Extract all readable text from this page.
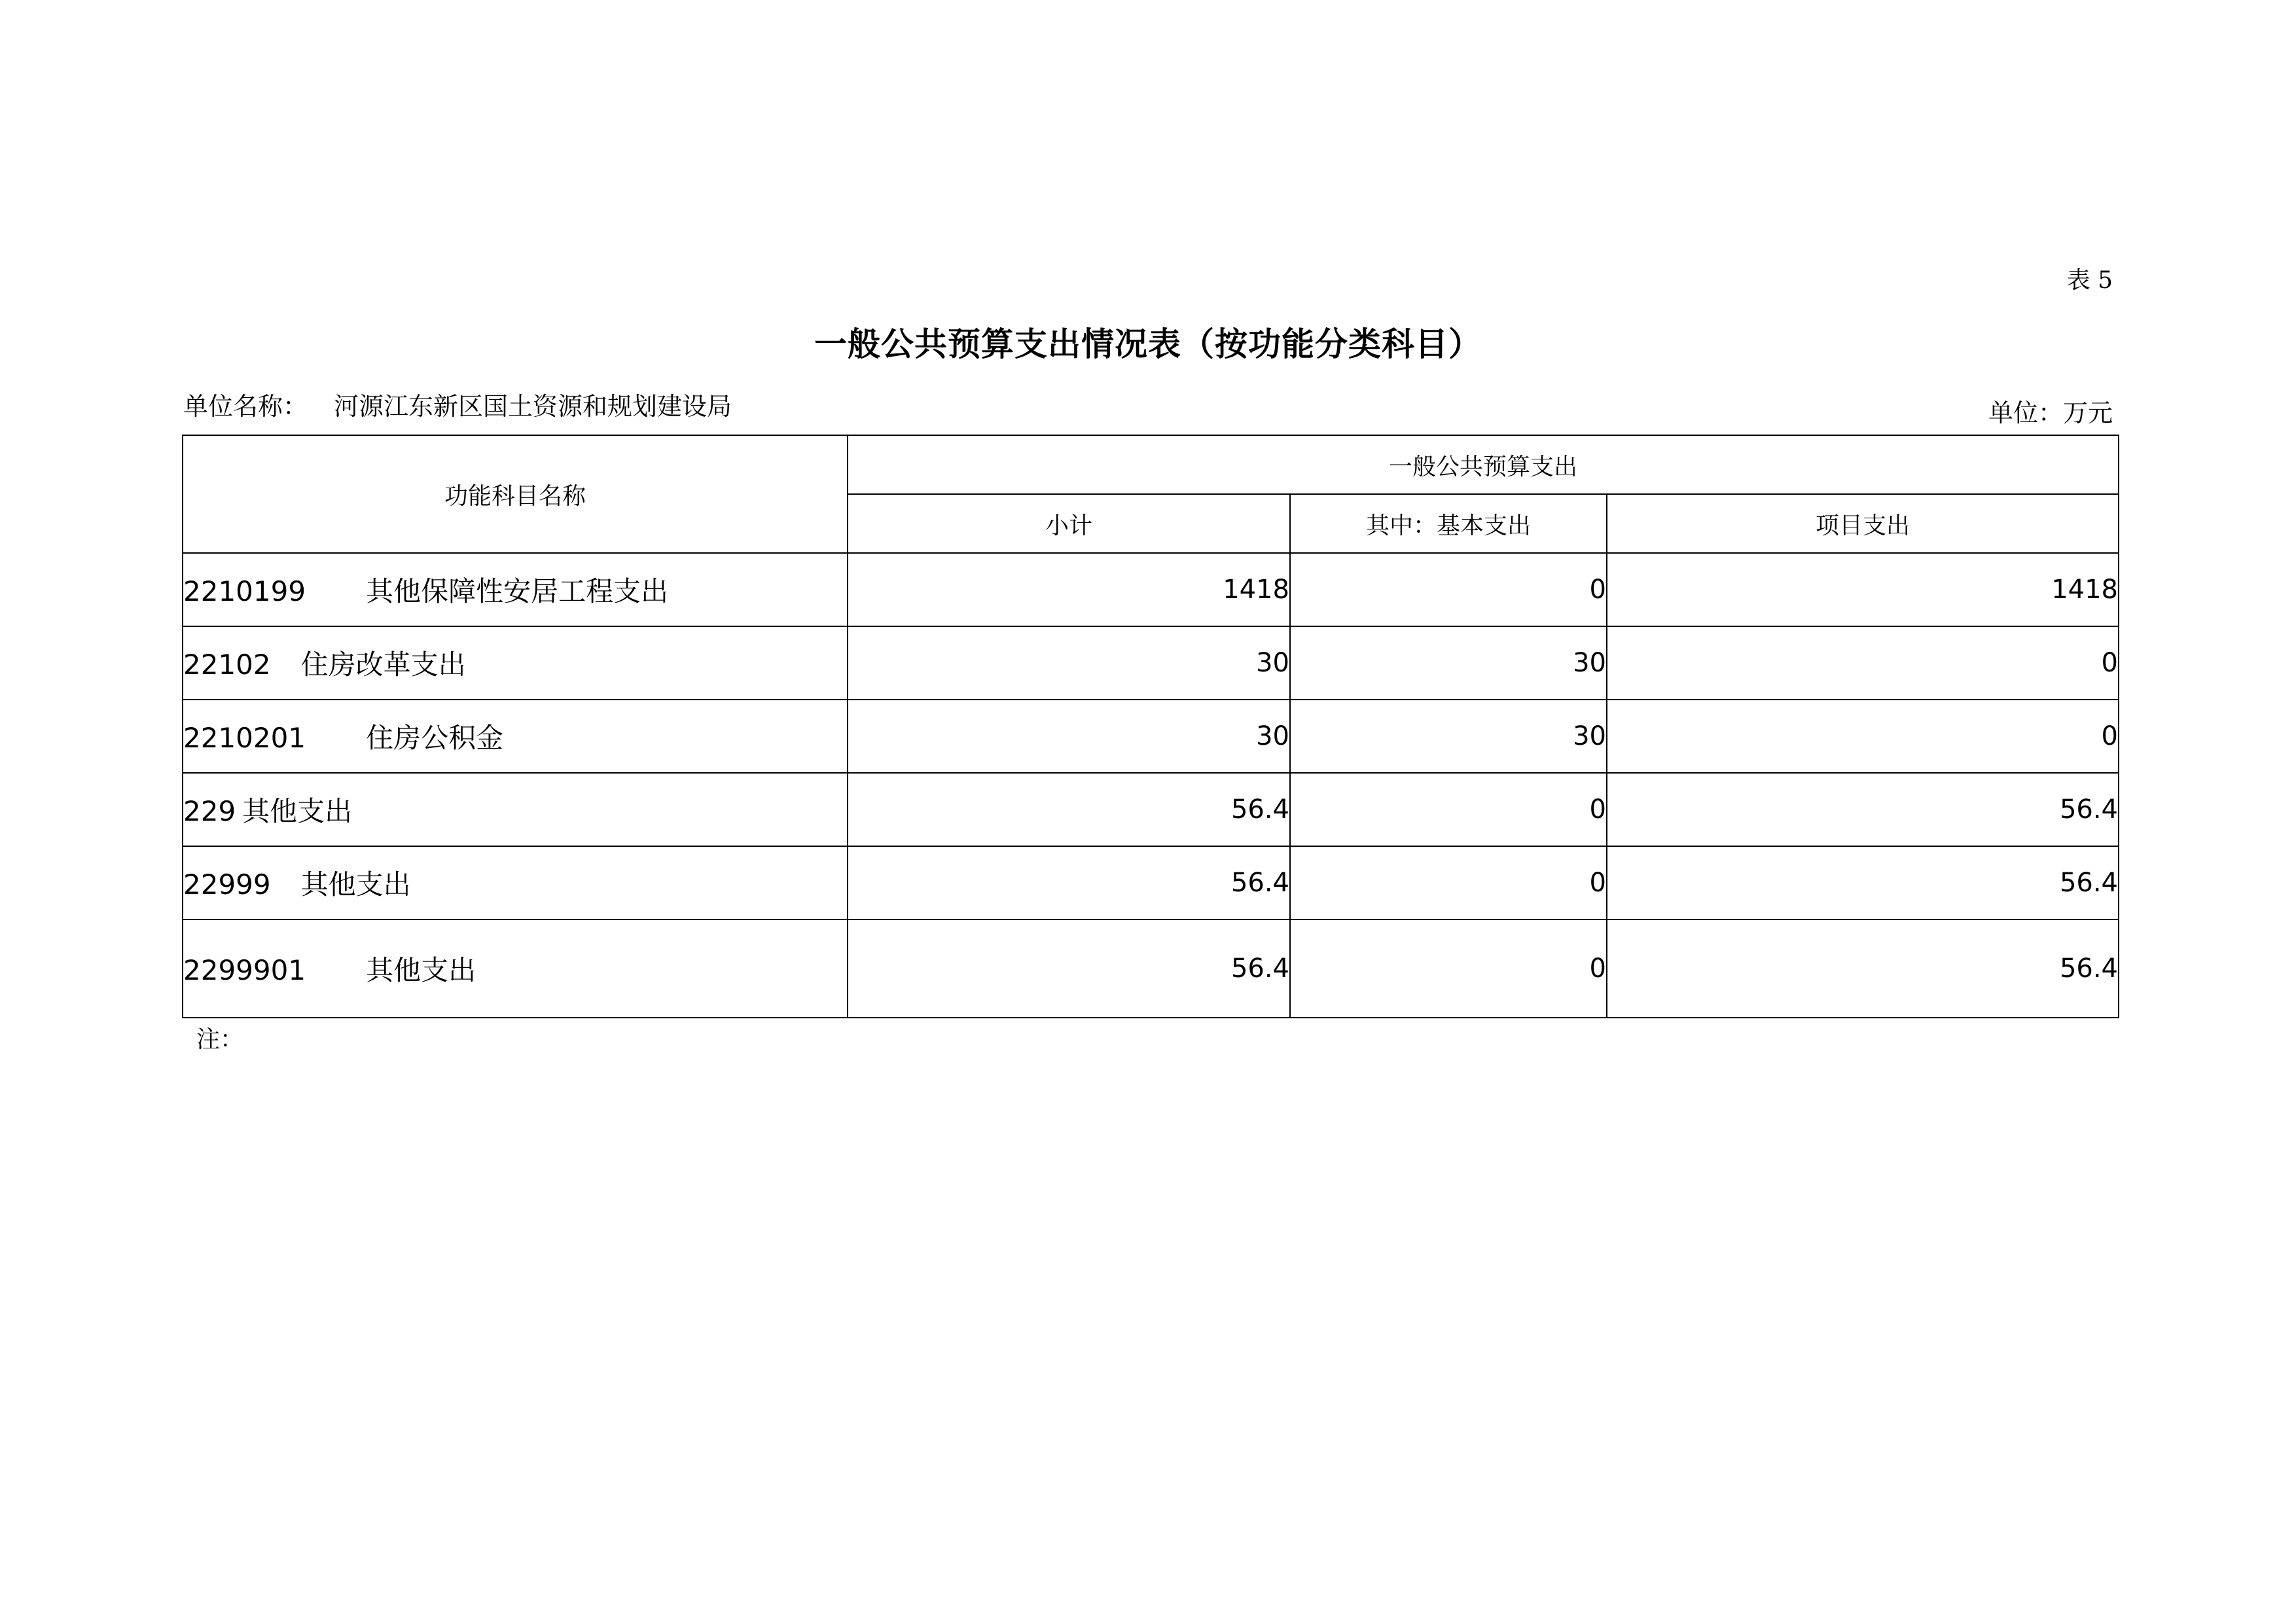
表 5
一般公共预算支出情况表（按功能分类科目）
单位名称： 河源江东新区国土资源和规划建设局	单位：万元
功能科目名称	一般公共预算支出		
	小计	其中：基本支出	项目支出
2210199 其他保障性安居工程支出	1418	0	1418
22102 住房改革支出	30	30	0
2210201 住房公积金	30	30	0
229 其他支出	56.4	0	56.4
22999 其他支出	56.4	0	56.4
2299901 其他支出	56.4	0	56.4
注：
